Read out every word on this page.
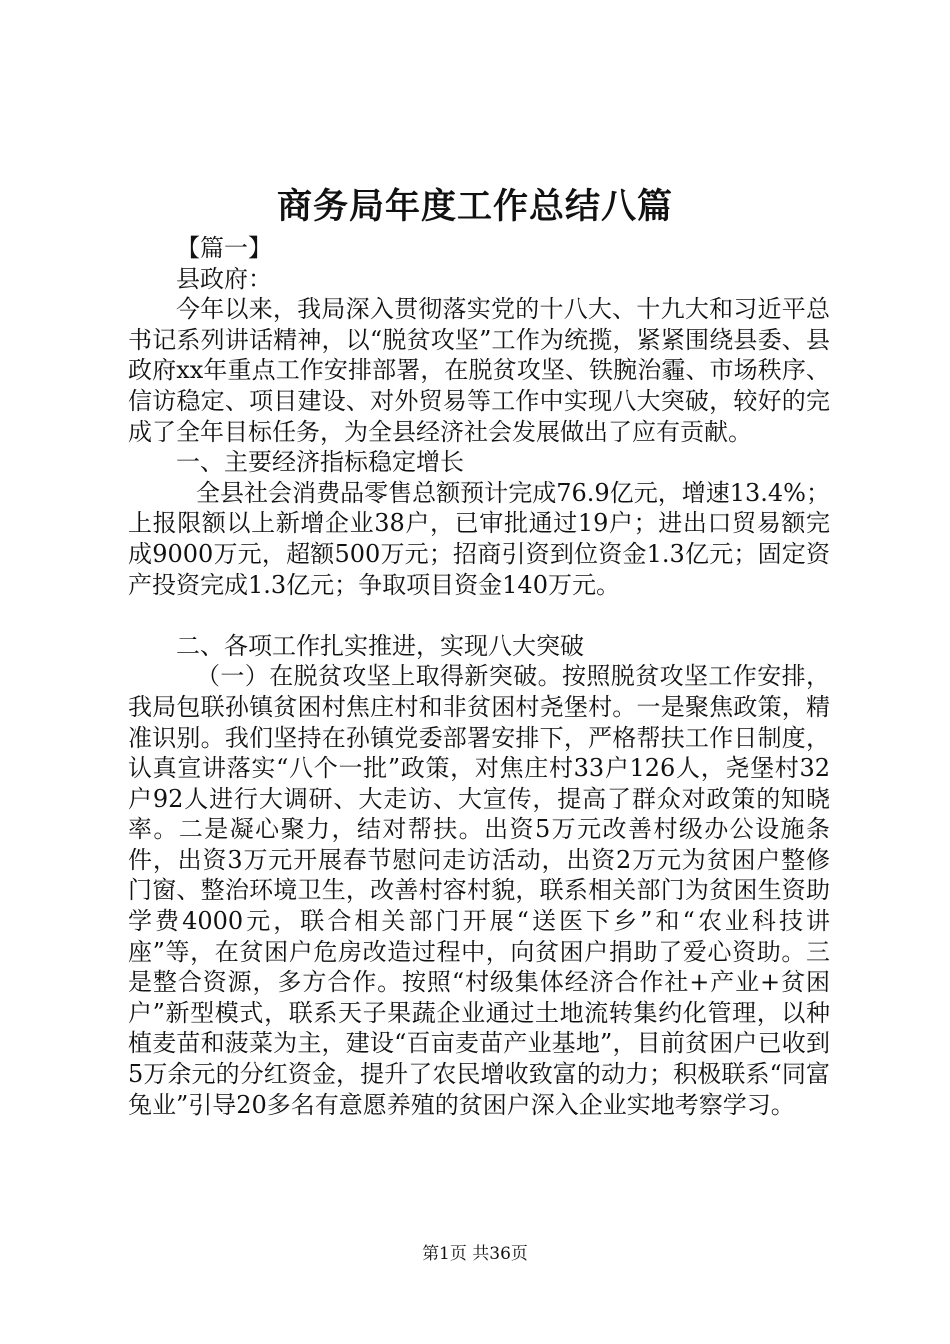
商务局年度工作总结八篇

【篇一】

县政府：

今年以来，我局深入贯彻落实党的十八大、十九大和习近平总书记系列讲话精神，以“脱贫攻坚”工作为统揽，紧紧围绕县委、县政府xx年重点工作安排部署，在脱贫攻坚、铁腕治霾、市场秩序、信访稳定、项目建设、对外贸易等工作中实现八大突破，较好的完成了全年目标任务，为全县经济社会发展做出了应有贡献。

一、主要经济指标稳定增长

全县社会消费品零售总额预计完成76.9亿元，增速13.4%；上报限额以上新增企业38户，已审批通过19户；进出口贸易额完成9000万元，超额500万元；招商引资到位资金1.3亿元；固定资产投资完成1.3亿元；争取项目资金140万元。

二、各项工作扎实推进，实现八大突破

（一）在脱贫攻坚上取得新突破。按照脱贫攻坚工作安排，我局包联孙镇贫困村焦庄村和非贫困村尧堡村。一是聚焦政策，精准识别。我们坚持在孙镇党委部署安排下，严格帮扶工作日制度，认真宣讲落实“八个一批”政策，对焦庄村33户126人，尧堡村32户92人进行大调研、大走访、大宣传，提高了群众对政策的知晓率。二是凝心聚力，结对帮扶。出资5万元改善村级办公设施条件，出资3万元开展春节慰问走访活动，出资2万元为贫困户整修门窗、整治环境卫生，改善村容村貌，联系相关部门为贫困生资助学费4000元，联合相关部门开展“送医下乡”和“农业科技讲座”等，在贫困户危房改造过程中，向贫困户捐助了爱心资助。三是整合资源，多方合作。按照“村级集体经济合作社+产业+贫困户”新型模式，联系天子果蔬企业通过土地流转集约化管理，以种植麦苗和菠菜为主，建设“百亩麦苗产业基地”，目前贫困户已收到5万余元的分红资金，提升了农民增收致富的动力；积极联系“同富兔业”引导20多名有意愿养殖的贫困户深入企业实地考察学习。

第1页 共36页
